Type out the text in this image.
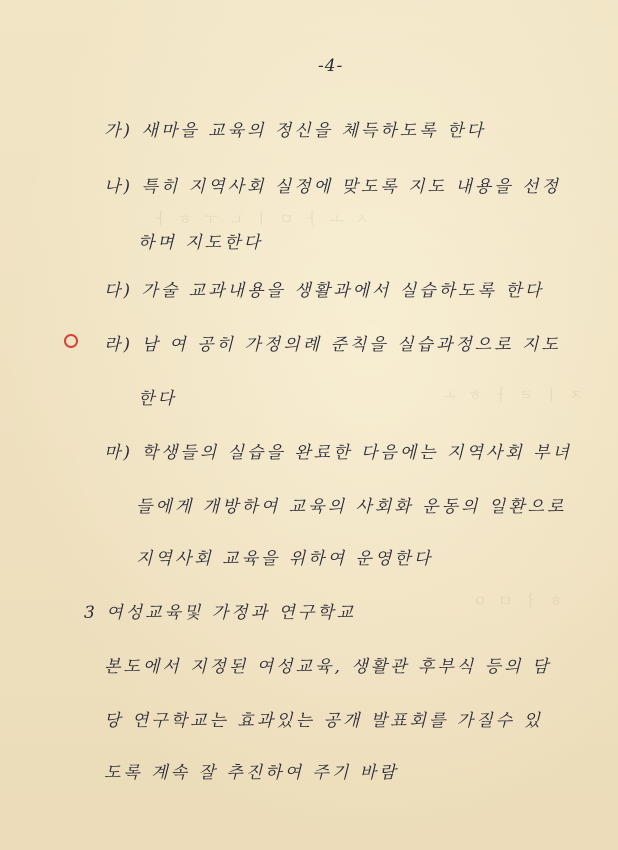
ㅅ ㅗ ㅏ ㅁ ㅣ ㄴ ㅜ ㅎ ㅏ
ㅈ ㅣ ㄹ ㅏ ㅎ ㅗ
ㅎ ㅓ ㅁ ㅇ
-4-
가) 새마을 교육의 정신을 체득하도록 한다
나) 특히 지역사회 실정에 맞도록 지도 내용을 선정
하며 지도한다
다) 가술 교과내용을 생활과에서 실습하도록 한다
라) 남 여 공히 가정의례 준칙을 실습과정으로 지도
한다
마) 학생들의 실습을 완료한 다음에는 지역사회 부녀
들에게 개방하여 교육의 사회화 운동의 일환으로
지역사회 교육을 위하여 운영한다
3 여성교육및 가정과 연구학교
본도에서 지정된 여성교육, 생활관 후부식 등의 담
당 연구학교는 효과있는 공개 발표회를 가질수 있
도록 계속 잘 추진하여 주기 바람
